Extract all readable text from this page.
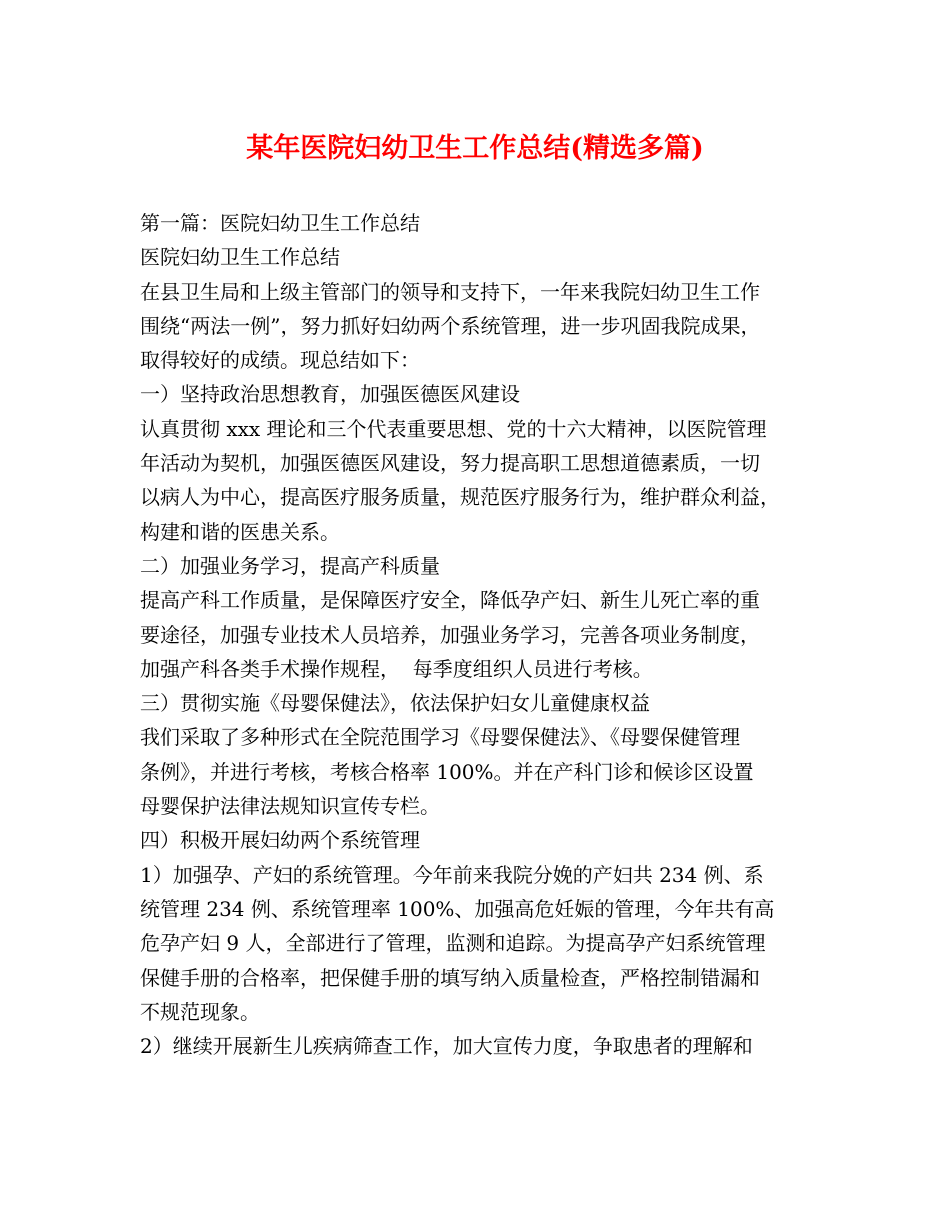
某年医院妇幼卫生工作总结(精选多篇)

第一篇：医院妇幼卫生工作总结

医院妇幼卫生工作总结

在县卫生局和上级主管部门的领导和支持下，一年来我院妇幼卫生工作

围绕“两法一例”，努力抓好妇幼两个系统管理，进一步巩固我院成果，

取得较好的成绩。现总结如下：

一）坚持政治思想教育，加强医德医风建设

认真贯彻 xxx 理论和三个代表重要思想、党的十六大精神，以医院管理

年活动为契机，加强医德医风建设，努力提高职工思想道德素质，一切

以病人为中心，提高医疗服务质量，规范医疗服务行为，维护群众利益，

构建和谐的医患关系。

二）加强业务学习，提高产科质量

提高产科工作质量，是保障医疗安全，降低孕产妇、新生儿死亡率的重

要途径，加强专业技术人员培养，加强业务学习，完善各项业务制度，

加强产科各类手术操作规程，  每季度组织人员进行考核。

三）贯彻实施《母婴保健法》，依法保护妇女儿童健康权益

我们采取了多种形式在全院范围学习《母婴保健法》、《母婴保健管理

条例》，并进行考核，考核合格率 100%。并在产科门诊和候诊区设置

母婴保护法律法规知识宣传专栏。

四）积极开展妇幼两个系统管理

1）加强孕、产妇的系统管理。今年前来我院分娩的产妇共 234 例、系

统管理 234 例、系统管理率 100%、加强高危妊娠的管理，今年共有高

危孕产妇 9 人，全部进行了管理，监测和追踪。为提高孕产妇系统管理

保健手册的合格率，把保健手册的填写纳入质量检查，严格控制错漏和

不规范现象。

2）继续开展新生儿疾病筛查工作，加大宣传力度，争取患者的理解和
